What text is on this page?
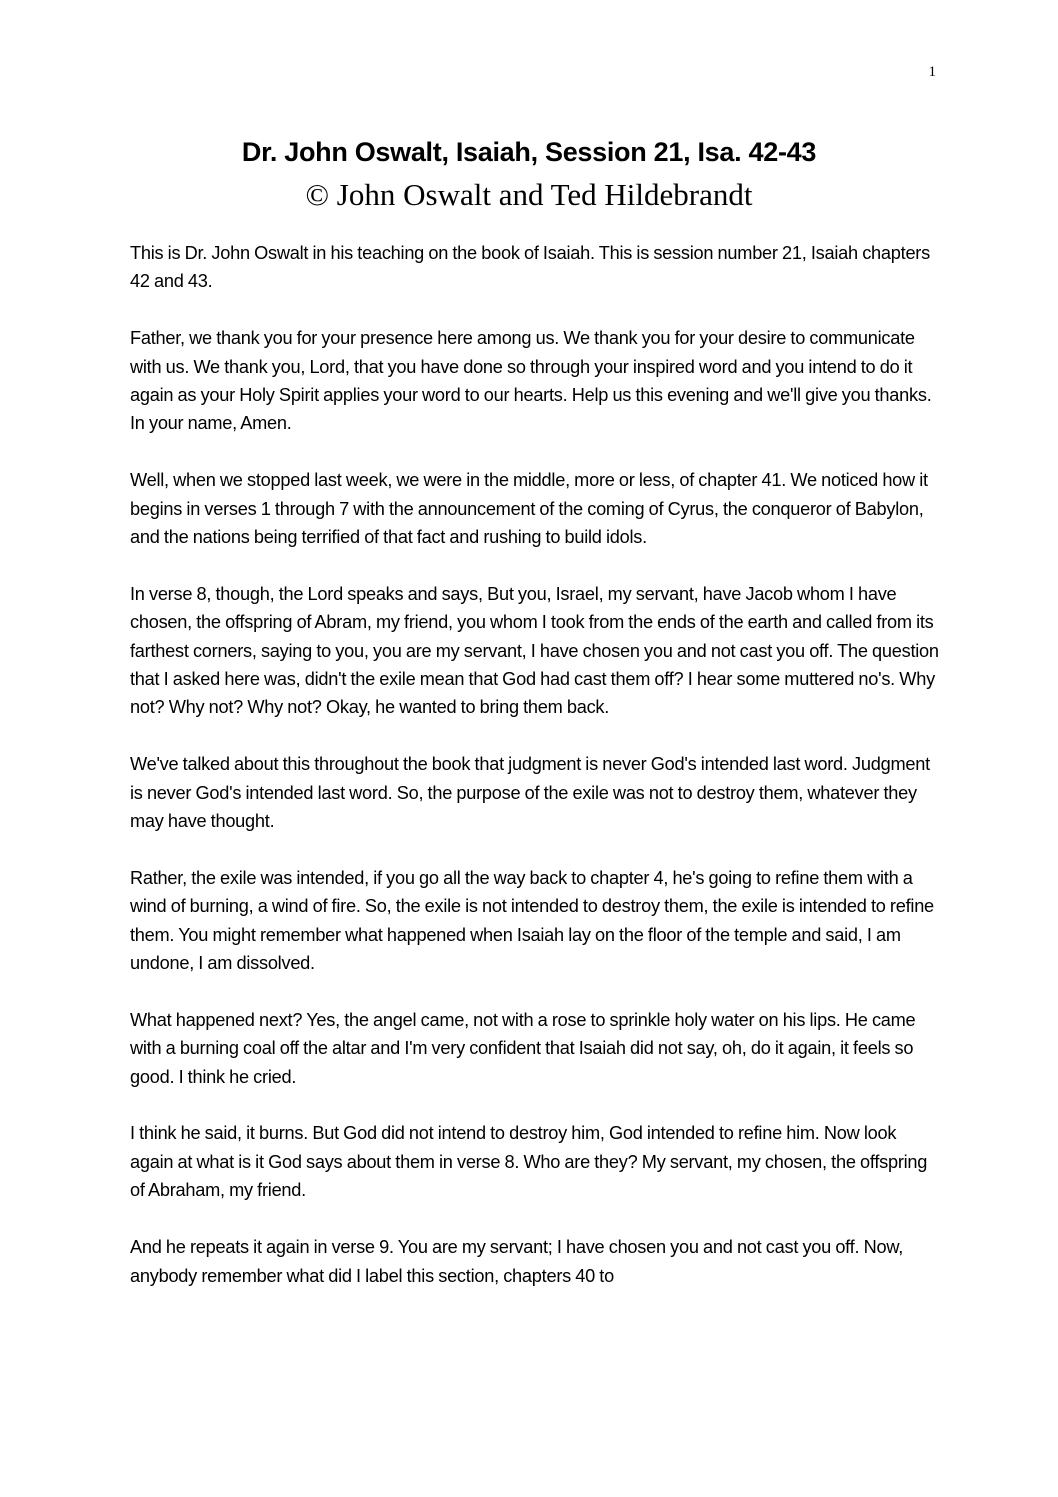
1
Dr. John Oswalt, Isaiah, Session 21, Isa. 42-43
© John Oswalt and Ted Hildebrandt

This is Dr. John Oswalt in his teaching on the book of Isaiah. This is session number 21, Isaiah chapters 42 and 43.

Father, we thank you for your presence here among us. We thank you for your desire to communicate with us. We thank you, Lord, that you have done so through your inspired word and you intend to do it again as your Holy Spirit applies your word to our hearts. Help us this evening and we'll give you thanks. In your name, Amen.

Well, when we stopped last week, we were in the middle, more or less, of chapter 41. We noticed how it begins in verses 1 through 7 with the announcement of the coming of Cyrus, the conqueror of Babylon, and the nations being terrified of that fact and rushing to build idols.

In verse 8, though, the Lord speaks and says, But you, Israel, my servant, have Jacob whom I have chosen, the offspring of Abram, my friend, you whom I took from the ends of the earth and called from its farthest corners, saying to you, you are my servant, I have chosen you and not cast you off. The question that I asked here was, didn't the exile mean that God had cast them off? I hear some muttered no's. Why not? Why not? Why not? Okay, he wanted to bring them back.

We've talked about this throughout the book that judgment is never God's intended last word. Judgment is never God's intended last word. So, the purpose of the exile was not to destroy them, whatever they may have thought.

Rather, the exile was intended, if you go all the way back to chapter 4, he's going to refine them with a wind of burning, a wind of fire. So, the exile is not intended to destroy them, the exile is intended to refine them. You might remember what happened when Isaiah lay on the floor of the temple and said, I am undone, I am dissolved.

What happened next? Yes, the angel came, not with a rose to sprinkle holy water on his lips. He came with a burning coal off the altar and I'm very confident that Isaiah did not say, oh, do it again, it feels so good. I think he cried.

I think he said, it burns. But God did not intend to destroy him, God intended to refine him. Now look again at what is it God says about them in verse 8. Who are they? My servant, my chosen, the offspring of Abraham, my friend.

And he repeats it again in verse 9. You are my servant; I have chosen you and not cast you off. Now, anybody remember what did I label this section, chapters 40 to
